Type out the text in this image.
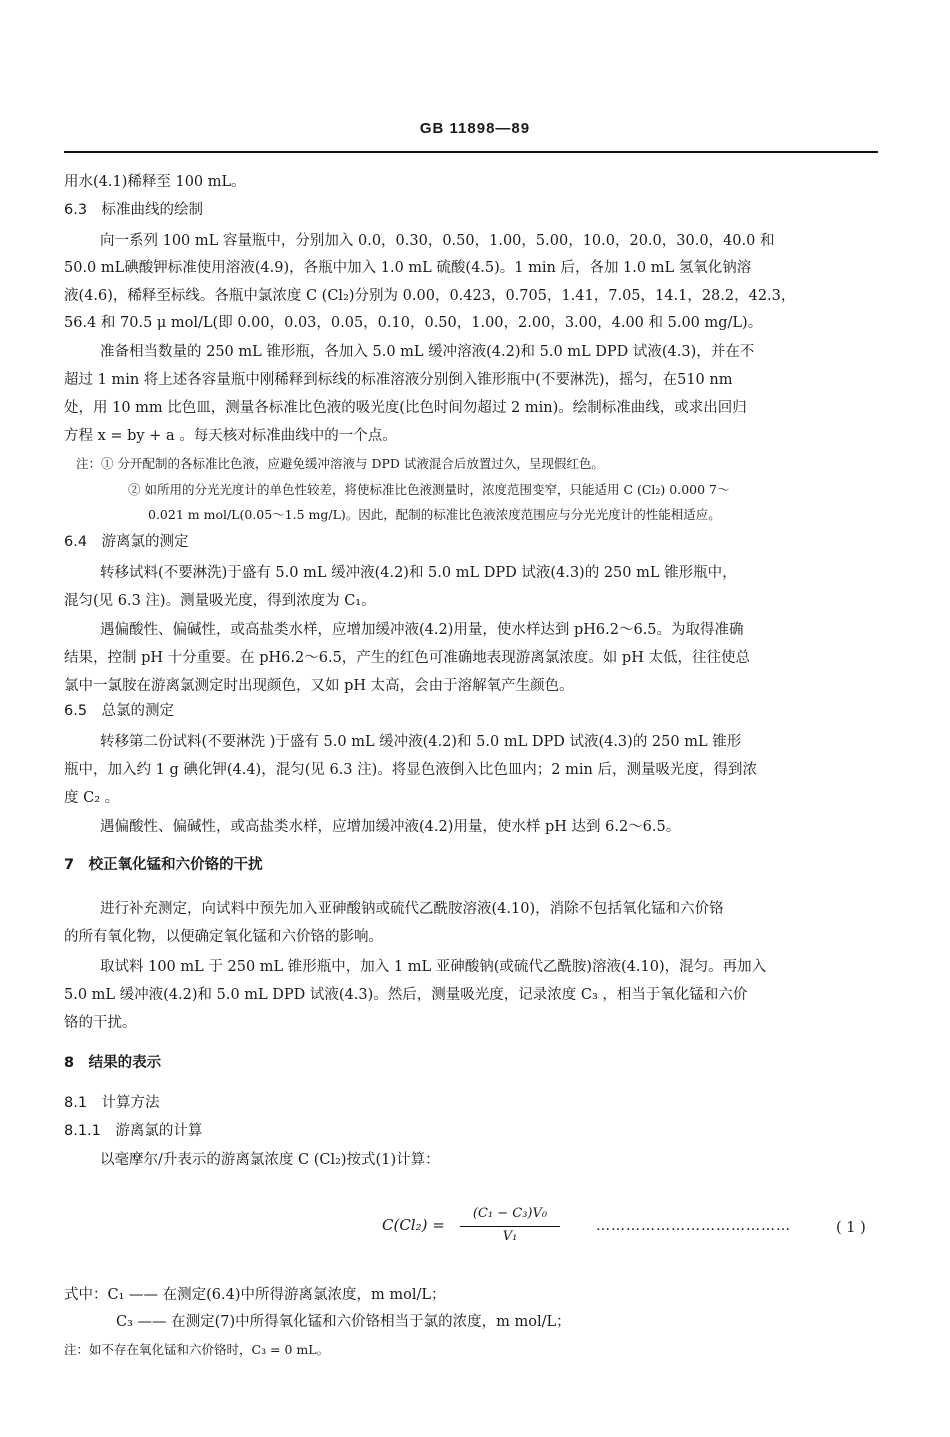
GB 11898—89
用水(4.1)稀释至 100 mL。
6.3　标准曲线的绘制
向一系列 100 mL 容量瓶中，分别加入 0.0，0.30，0.50，1.00，5.00，10.0，20.0，30.0，40.0 和
50.0 mL碘酸钾标准使用溶液(4.9)，各瓶中加入 1.0 mL 硫酸(4.5)。1 min 后，各加 1.0 mL 氢氧化钠溶
液(4.6)，稀释至标线。各瓶中氯浓度 C (Cl₂)分别为 0.00，0.423，0.705，1.41，7.05，14.1，28.2，42.3，
56.4 和 70.5 μ mol/L(即 0.00，0.03，0.05，0.10，0.50，1.00，2.00，3.00，4.00 和 5.00 mg/L)。
准备相当数量的 250 mL 锥形瓶，各加入 5.0 mL 缓冲溶液(4.2)和 5.0 mL DPD 试液(4.3)，并在不
超过 1 min 将上述各容量瓶中刚稀释到标线的标准溶液分别倒入锥形瓶中(不要淋洗)，摇匀，在510 nm
处，用 10 mm 比色皿，测量各标准比色液的吸光度(比色时间勿超过 2 min)。绘制标准曲线，或求出回归
方程 x = by + a 。每天核对标准曲线中的一个点。
注：① 分开配制的各标准比色液，应避免缓冲溶液与 DPD 试液混合后放置过久，呈现假红色。
② 如所用的分光光度计的单色性较差，将使标准比色液测量时，浓度范围变窄，只能适用 C (Cl₂) 0.000 7～
0.021 m mol/L(0.05～1.5 mg/L)。因此，配制的标准比色液浓度范围应与分光光度计的性能相适应。
6.4　游离氯的测定
转移试料(不要淋洗)于盛有 5.0 mL 缓冲液(4.2)和 5.0 mL DPD 试液(4.3)的 250 mL 锥形瓶中，
混匀(见 6.3 注)。测量吸光度，得到浓度为 C₁。
遇偏酸性、偏碱性，或高盐类水样，应增加缓冲液(4.2)用量，使水样达到 pH6.2～6.5。为取得准确
结果，控制 pH 十分重要。在 pH6.2～6.5，产生的红色可准确地表现游离氯浓度。如 pH 太低，往往使总
氯中一氯胺在游离氯测定时出现颜色，又如 pH 太高，会由于溶解氧产生颜色。
6.5　总氯的测定
转移第二份试料(不要淋洗 )于盛有 5.0 mL 缓冲液(4.2)和 5.0 mL DPD 试液(4.3)的 250 mL 锥形
瓶中，加入约 1 g 碘化钾(4.4)，混匀(见 6.3 注)。将显色液倒入比色皿内；2 min 后，测量吸光度，得到浓
度 C₂ 。
遇偏酸性、偏碱性，或高盐类水样，应增加缓冲液(4.2)用量，使水样 pH 达到 6.2～6.5。
7　校正氧化锰和六价铬的干扰
进行补充测定，向试料中预先加入亚砷酸钠或硫代乙酰胺溶液(4.10)，消除不包括氧化锰和六价铬
的所有氧化物，以便确定氧化锰和六价铬的影响。
取试料 100 mL 于 250 mL 锥形瓶中，加入 1 mL 亚砷酸钠(或硫代乙酰胺)溶液(4.10)，混匀。再加入
5.0 mL 缓冲液(4.2)和 5.0 mL DPD 试液(4.3)。然后，测量吸光度，记录浓度 C₃ ，相当于氧化锰和六价
铬的干扰。
8　结果的表示
8.1　计算方法
8.1.1　游离氯的计算
以毫摩尔/升表示的游离氯浓度 C (Cl₂)按式(1)计算：
C(Cl₂) =
(C₁ − C₃)V₀
V₁
…………………………………	( 1 )
式中：C₁ —— 在测定(6.4)中所得游离氯浓度，m mol/L；
C₃ —— 在测定(7)中所得氧化锰和六价铬相当于氯的浓度，m mol/L；
注：如不存在氧化锰和六价铬时，C₃ = 0 mL。
